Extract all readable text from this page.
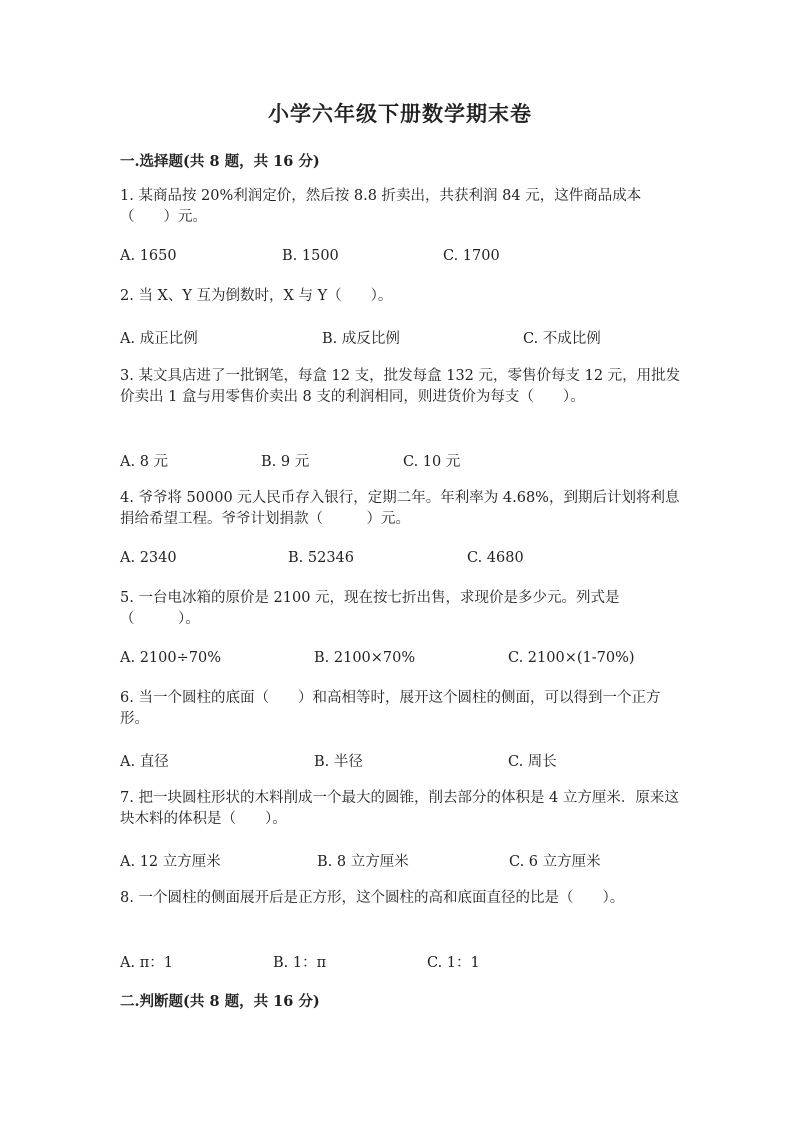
小学六年级下册数学期末卷
一.选择题(共 8 题，共 16 分)
1. 某商品按 20%利润定价，然后按 8.8 折卖出，共获利润 84 元，这件商品成本（　　）元。
A. 1650	B. 1500	C. 1700
2. 当 X、Y 互为倒数时，X 与 Y（　　）。
A. 成正比例	B. 成反比例	C. 不成比例
3. 某文具店进了一批钢笔，每盒 12 支，批发每盒 132 元，零售价每支 12 元，用批发价卖出 1 盒与用零售价卖出 8 支的利润相同，则进货价为每支（　　）。
A. 8 元	B. 9 元	C. 10 元
4. 爷爷将 50000 元人民币存入银行，定期二年。年利率为 4.68%，到期后计划将利息捐给希望工程。爷爷计划捐款（　　　）元。
A. 2340	B. 52346	C. 4680
5. 一台电冰箱的原价是 2100 元，现在按七折出售，求现价是多少元。列式是（　　　）。
A. 2100÷70%	B. 2100×70%	C. 2100×(1-70%)
6. 当一个圆柱的底面（　　）和高相等时，展开这个圆柱的侧面，可以得到一个正方形。
A. 直径	B. 半径	C. 周长
7. 把一块圆柱形状的木料削成一个最大的圆锥，削去部分的体积是 4 立方厘米．原来这块木料的体积是（　　）。
A. 12 立方厘米	B. 8 立方厘米	C. 6 立方厘米
8. 一个圆柱的侧面展开后是正方形，这个圆柱的高和底面直径的比是（　　）。
A. π：1	B. 1：π	C. 1：1
二.判断题(共 8 题，共 16 分)
